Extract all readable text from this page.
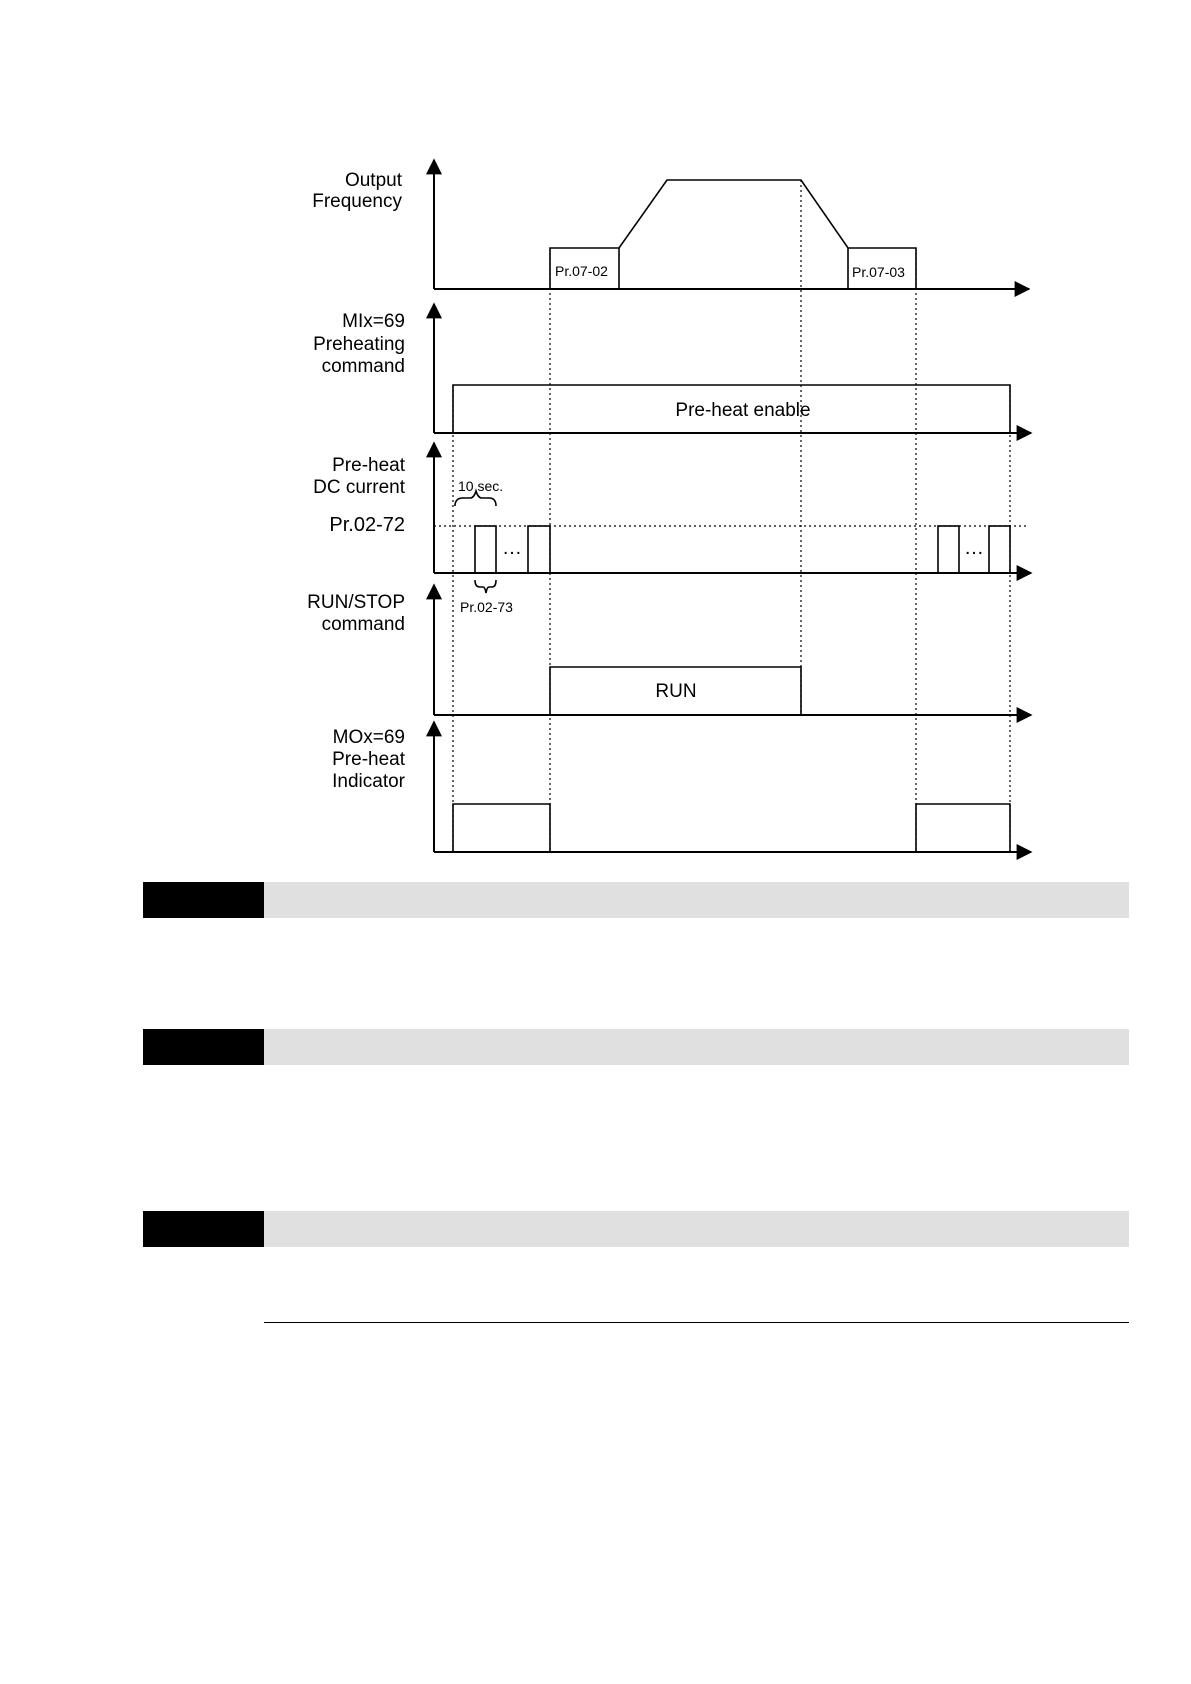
Output
Frequency
Pr.07-02	Pr.07-03
MIx=69
Preheating
command
Pre-heat enable
…	…
Pre-heat
DC current
Pr.02-72
10 sec.
Pr.02-73
RUN/STOP
command
RUN
MOx=69
Pre-heat
Indicator
